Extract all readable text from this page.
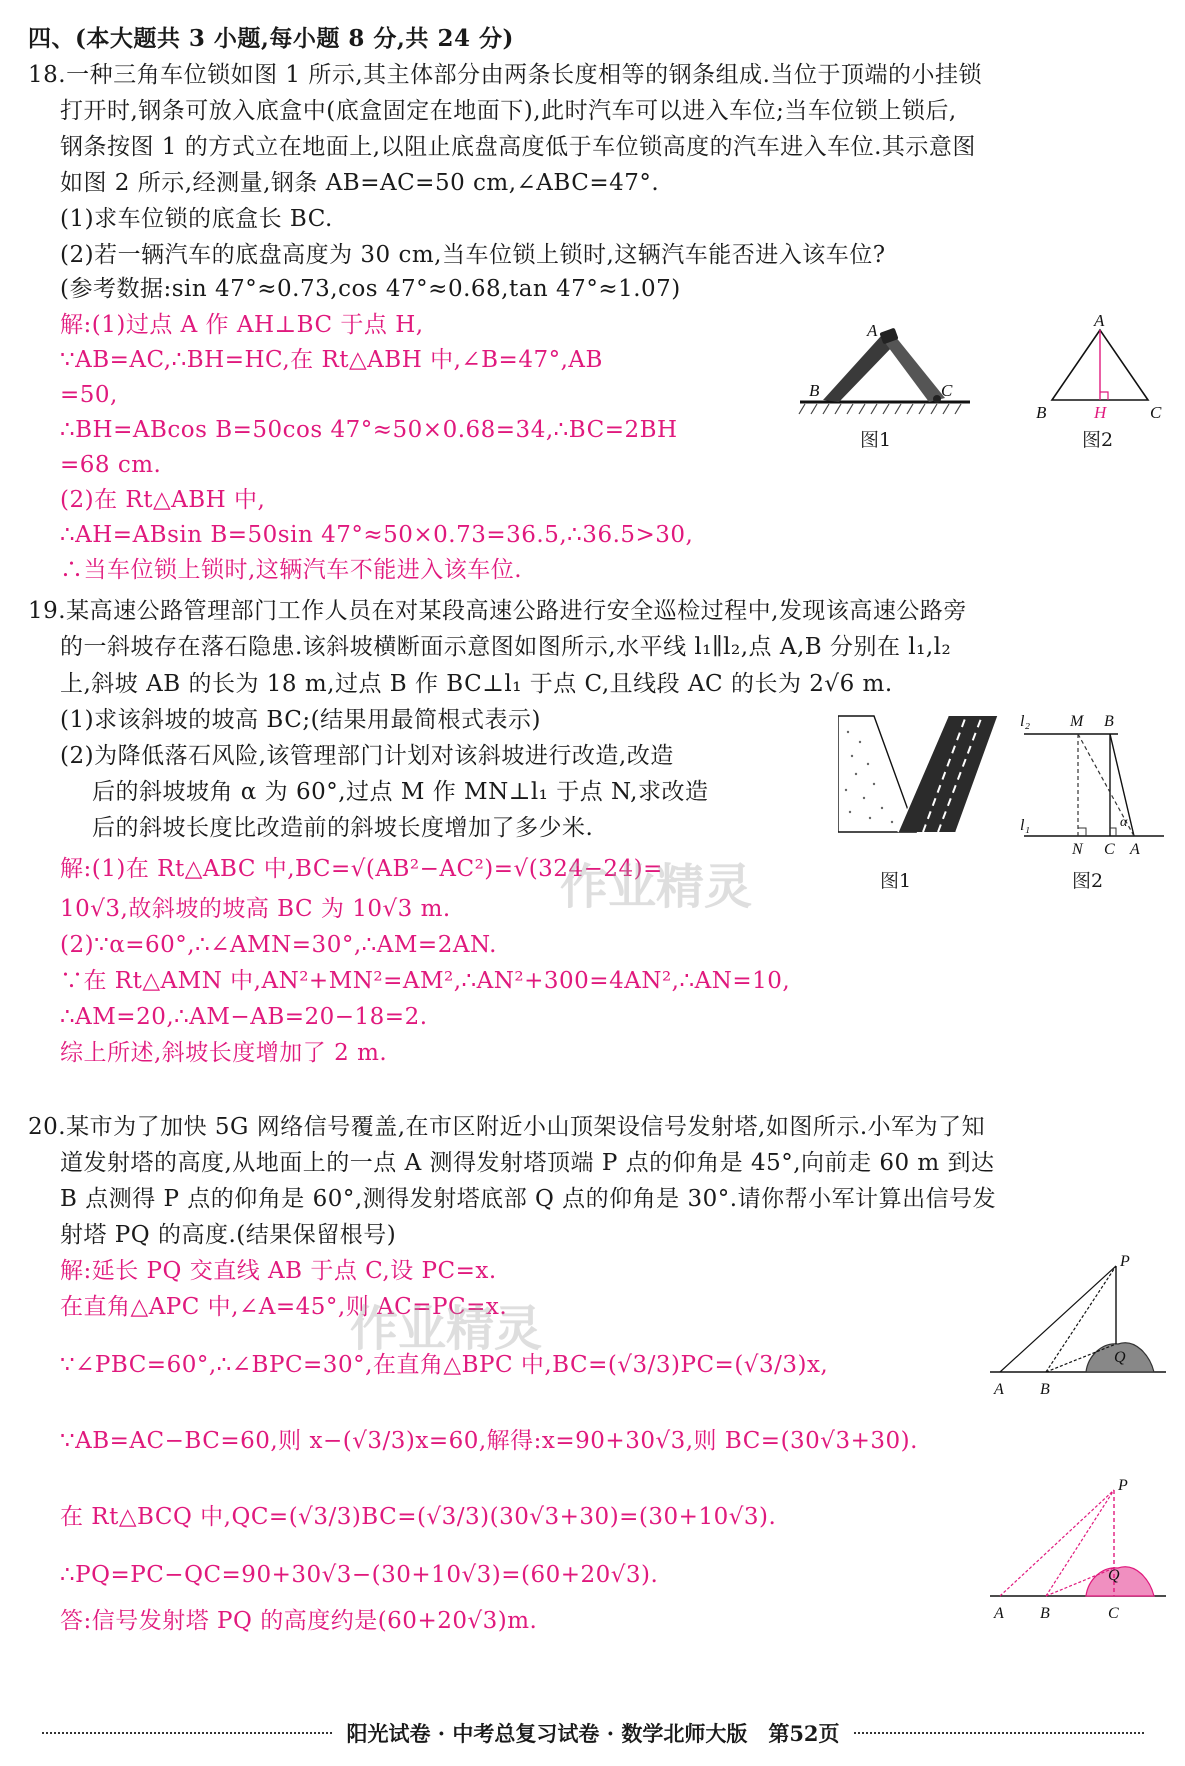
四、(本大题共 3 小题,每小题 8 分,共 24 分)
18.一种三角车位锁如图 1 所示,其主体部分由两条长度相等的钢条组成.当位于顶端的小挂锁
打开时,钢条可放入底盒中(底盒固定在地面下),此时汽车可以进入车位;当车位锁上锁后,
钢条按图 1 的方式立在地面上,以阻止底盘高度低于车位锁高度的汽车进入车位.其示意图
如图 2 所示,经测量,钢条 AB=AC=50 cm,∠ABC=47°.
(1)求车位锁的底盒长 BC.
(2)若一辆汽车的底盘高度为 30 cm,当车位锁上锁时,这辆汽车能否进入该车位?
(参考数据:sin 47°≈0.73,cos 47°≈0.68,tan 47°≈1.07)
解:(1)过点 A 作 AH⊥BC 于点 H,
∵AB=AC,∴BH=HC,在 Rt△ABH 中,∠B=47°,AB
=50,
∴BH=ABcos B=50cos 47°≈50×0.68=34,∴BC=2BH
=68 cm.
(2)在 Rt△ABH 中,
∴AH=ABsin B=50sin 47°≈50×0.73=36.5,∴36.5>30,
∴当车位锁上锁时,这辆汽车不能进入该车位.
A
B	C
图1
A
B	H	C
图2
19.某高速公路管理部门工作人员在对某段高速公路进行安全巡检过程中,发现该高速公路旁
的一斜坡存在落石隐患.该斜坡横断面示意图如图所示,水平线 l₁∥l₂,点 A,B 分别在 l₁,l₂
上,斜坡 AB 的长为 18 m,过点 B 作 BC⊥l₁ 于点 C,且线段 AC 的长为 2√6 m.
(1)求该斜坡的坡高 BC;(结果用最简根式表示)
(2)为降低落石风险,该管理部门计划对该斜坡进行改造,改造
后的斜坡坡角 α 为 60°,过点 M 作 MN⊥l₁ 于点 N,求改造
后的斜坡长度比改造前的斜坡长度增加了多少米.
解:(1)在 Rt△ABC 中,BC=√(AB²−AC²)=√(324−24)=
10√3,故斜坡的坡高 BC 为 10√3 m.
(2)∵α=60°,∴∠AMN=30°,∴AM=2AN.
∵在 Rt△AMN 中,AN²+MN²=AM²,∴AN²+300=4AN²,∴AN=10,
∴AM=20,∴AM−AB=20−18=2.
综上所述,斜坡长度增加了 2 m.
图1
l₂
l₁
M B
N C A
α
图2
20.某市为了加快 5G 网络信号覆盖,在市区附近小山顶架设信号发射塔,如图所示.小军为了知
道发射塔的高度,从地面上的一点 A 测得发射塔顶端 P 点的仰角是 45°,向前走 60 m 到达
B 点测得 P 点的仰角是 60°,测得发射塔底部 Q 点的仰角是 30°.请你帮小军计算出信号发
射塔 PQ 的高度.(结果保留根号)
解:延长 PQ 交直线 AB 于点 C,设 PC=x.
在直角△APC 中,∠A=45°,则 AC=PC=x.
∵∠PBC=60°,∴∠BPC=30°,在直角△BPC 中,BC=(√3/3)PC=(√3/3)x,
∵AB=AC−BC=60,则 x−(√3/3)x=60,解得:x=90+30√3,则 BC=(30√3+30).
在 Rt△BCQ 中,QC=(√3/3)BC=(√3/3)(30√3+30)=(30+10√3).
∴PQ=PC−QC=90+30√3−(30+10√3)=(60+20√3).
答:信号发射塔 PQ 的高度约是(60+20√3)m.
P
Q
A B
P
Q
A B	C
作业精灵
作业精灵
阳光试卷 · 中考总复习试卷 · 数学北师大版　第52页
